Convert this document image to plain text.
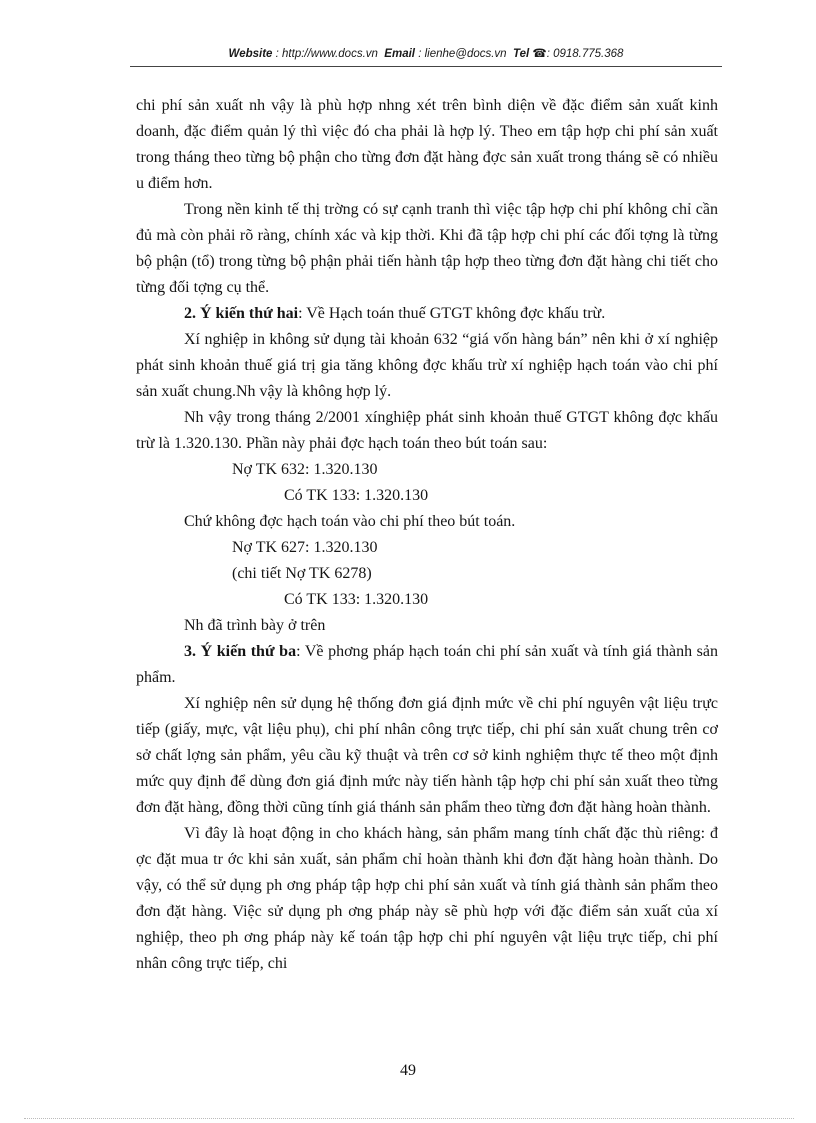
Website : http://www.docs.vn Email : lienhe@docs.vn Tel ☎: 0918.775.368

chi phí sản xuất nh vậy là phù hợp nhng xét trên bình diện về đặc điểm sản xuất kinh doanh, đặc điểm quản lý thì việc đó cha phải là hợp lý. Theo em tập hợp chi phí sản xuất trong tháng theo từng bộ phận cho từng đơn đặt hàng đợc sản xuất trong tháng sẽ có nhiều u điểm hơn.

Trong nền kinh tế thị trờng có sự cạnh tranh thì việc tập hợp chi phí không chỉ cần đủ mà còn phải rõ ràng, chính xác và kịp thời. Khi đã tập hợp chi phí các đối tợng là từng bộ phận (tổ) trong từng bộ phận phải tiến hành tập hợp theo từng đơn đặt hàng chi tiết cho từng đối tợng cụ thể.

2. Ý kiến thứ hai: Về Hạch toán thuế GTGT không đợc khấu trừ.

Xí nghiệp in không sử dụng tài khoản 632 “giá vốn hàng bán” nên khi ở xí nghiệp phát sinh khoản thuế giá trị gia tăng không đợc khấu trừ xí nghiệp hạch toán vào chi phí sản xuất chung.Nh vậy là không hợp lý.

Nh vậy trong tháng 2/2001 xínghiệp phát sinh khoản thuế GTGT không đợc khấu trừ là 1.320.130. Phần này phải đợc hạch toán theo bút toán sau:

Nợ TK 632: 1.320.130
Có TK 133: 1.320.130
Chứ không đợc hạch toán vào chi phí theo bút toán.
Nợ TK 627: 1.320.130
(chi tiết Nợ TK 6278)
Có TK 133: 1.320.130
Nh đã trình bày ở trên

3. Ý kiến thứ ba: Về phơng pháp hạch toán chi phí sản xuất và tính giá thành sản phẩm.

Xí nghiệp nên sử dụng hệ thống đơn giá định mức về chi phí nguyên vật liệu trực tiếp (giấy, mực, vật liệu phụ), chi phí nhân công trực tiếp, chi phí sản xuất chung trên cơ sở chất lợng sản phẩm, yêu cầu kỹ thuật và trên cơ sở kinh nghiệm thực tế theo một định mức quy định để dùng đơn giá định mức này tiến hành tập hợp chi phí sản xuất theo từng đơn đặt hàng, đồng thời cũng tính giá thánh sản phẩm theo từng đơn đặt hàng hoàn thành.

Vì đây là hoạt động in cho khách hàng, sản phẩm mang tính chất đặc thù riêng: đ ợc đặt mua tr ớc khi sản xuất, sản phẩm chỉ hoàn thành khi đơn đặt hàng hoàn thành. Do vậy, có thể sử dụng ph ơng pháp tập hợp chi phí sản xuất và tính giá thành sản phẩm theo đơn đặt hàng. Việc sử dụng ph ơng pháp này sẽ phù hợp với đặc điểm sản xuất của xí nghiệp, theo ph ơng pháp này kế toán tập hợp chi phí nguyên vật liệu trực tiếp, chi phí nhân công trực tiếp, chi

49
